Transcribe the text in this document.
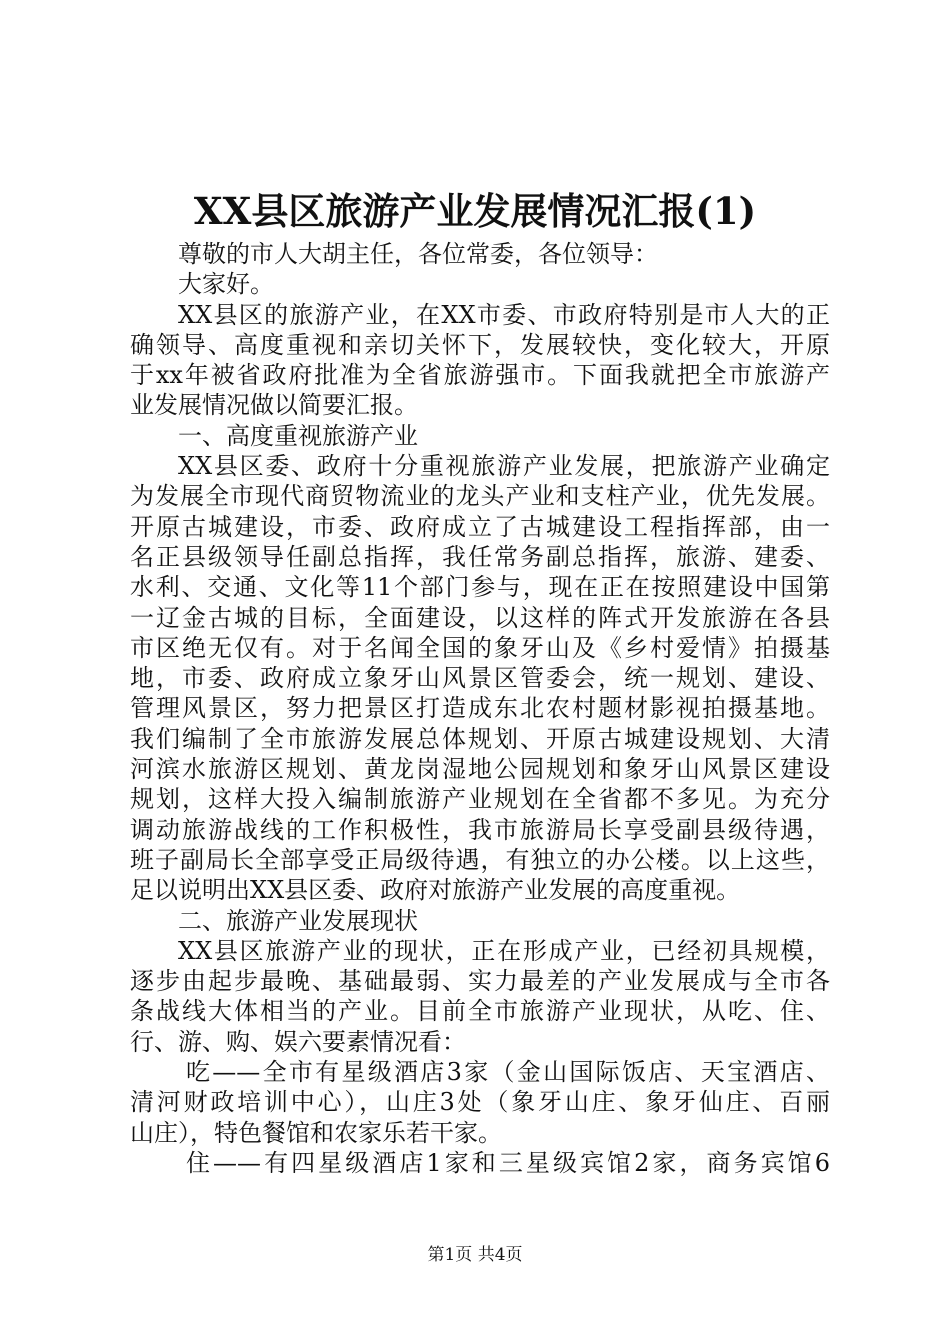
XX县区旅游产业发展情况汇报(1)
尊敬的市人大胡主任，各位常委，各位领导：
大家好。
XX县区的旅游产业，在XX市委、市政府特别是市人大的正
确领导、高度重视和亲切关怀下，发展较快，变化较大，开原
于xx年被省政府批准为全省旅游强市。下面我就把全市旅游产
业发展情况做以简要汇报。
一、高度重视旅游产业
XX县区委、政府十分重视旅游产业发展，把旅游产业确定
为发展全市现代商贸物流业的龙头产业和支柱产业，优先发展。
开原古城建设，市委、政府成立了古城建设工程指挥部，由一
名正县级领导任副总指挥，我任常务副总指挥，旅游、建委、
水利、交通、文化等11个部门参与，现在正在按照建设中国第
一辽金古城的目标，全面建设，以这样的阵式开发旅游在各县
市区绝无仅有。对于名闻全国的象牙山及《乡村爱情》拍摄基
地，市委、政府成立象牙山风景区管委会，统一规划、建设、
管理风景区，努力把景区打造成东北农村题材影视拍摄基地。
我们编制了全市旅游发展总体规划、开原古城建设规划、大清
河滨水旅游区规划、黄龙岗湿地公园规划和象牙山风景区建设
规划，这样大投入编制旅游产业规划在全省都不多见。为充分
调动旅游战线的工作积极性，我市旅游局长享受副县级待遇，
班子副局长全部享受正局级待遇，有独立的办公楼。以上这些，
足以说明出XX县区委、政府对旅游产业发展的高度重视。
二、旅游产业发展现状
XX县区旅游产业的现状，正在形成产业，已经初具规模，
逐步由起步最晚、基础最弱、实力最差的产业发展成与全市各
条战线大体相当的产业。目前全市旅游产业现状，从吃、住、
行、游、购、娱六要素情况看：
吃——全市有星级酒店3家（金山国际饭店、天宝酒店、
清河财政培训中心），山庄3处（象牙山庄、象牙仙庄、百丽
山庄），特色餐馆和农家乐若干家。
住——有四星级酒店1家和三星级宾馆2家，商务宾馆6
第1页 共4页
